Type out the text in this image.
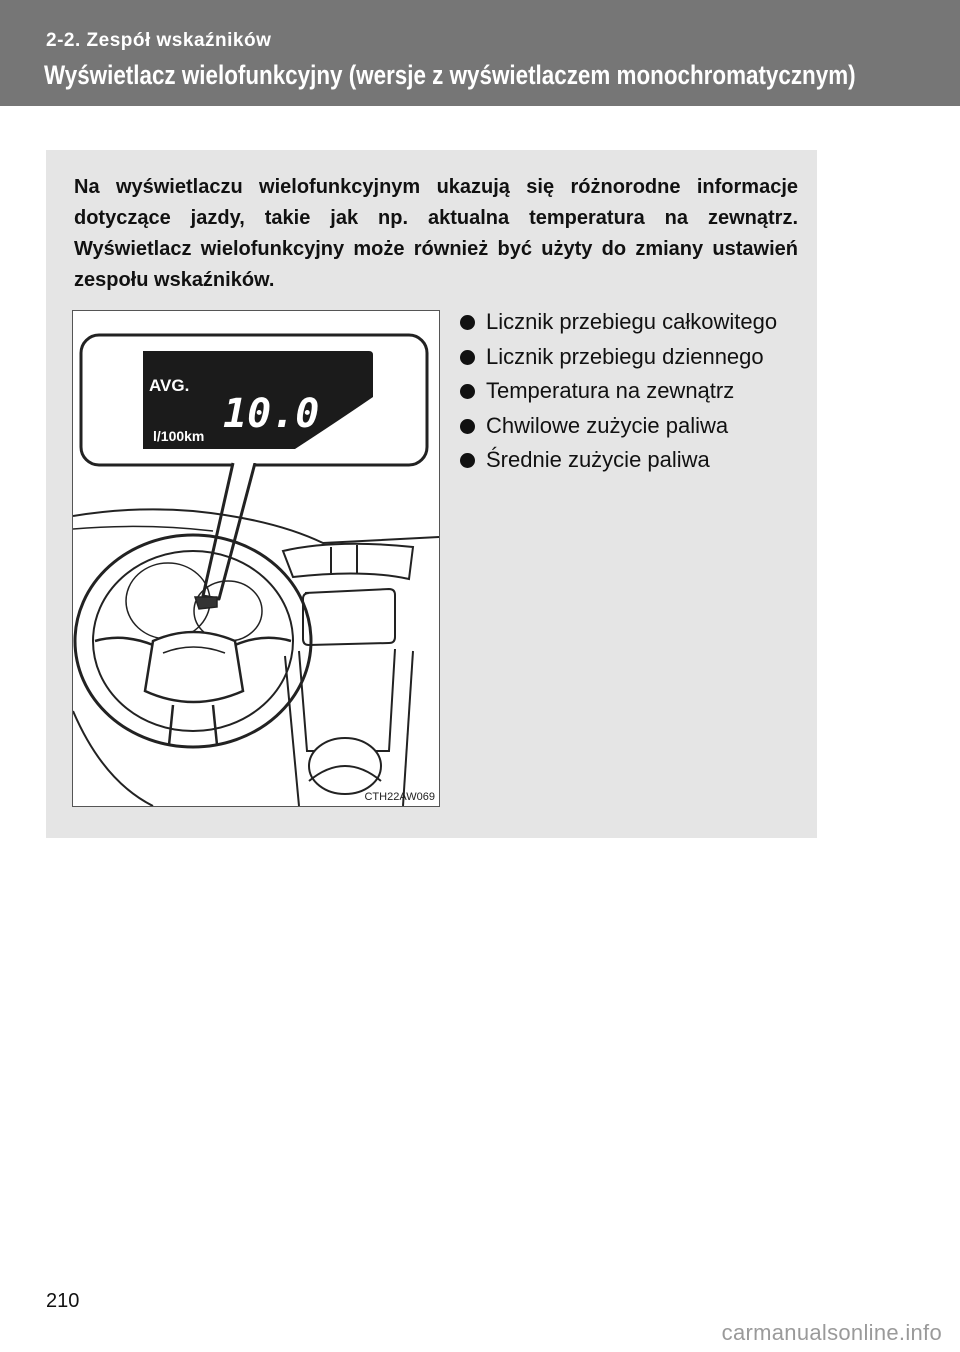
2-2. Zespół wskaźników
Wyświetlacz wielofunkcyjny (wersje z wyświetlaczem monochromatycznym)
Na wyświetlaczu wielofunkcyjnym ukazują się różnorodne informacje dotyczące jazdy, takie jak np. aktualna temperatura na zewnątrz. Wyświetlacz wielofunkcyjny może również być użyty do zmiany ustawień zespołu wskaźników.
AVG.
10.0
l/100km
CTH22AW069
Licznik przebiegu całkowitego
Licznik przebiegu dziennego
Temperatura na zewnątrz
Chwilowe zużycie paliwa
Średnie zużycie paliwa
210
carmanualsonline.info
